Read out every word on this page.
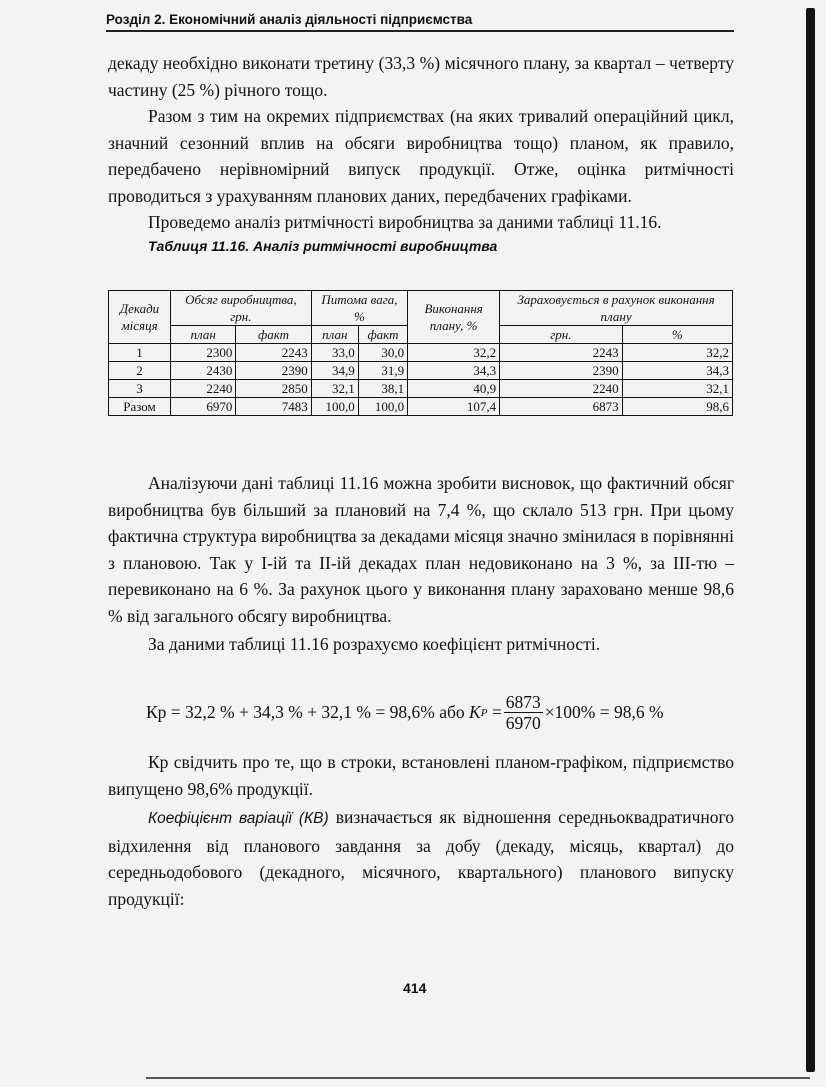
Розділ 2. Економічний аналіз діяльності підприємства

декаду необхідно виконати третину (33,3 %) місячного плану, за квартал – четверту частину (25 %) річного тощо.

Разом з тим на окремих підприємствах (на яких тривалий операційний цикл, значний сезонний вплив на обсяги виробництва тощо) планом, як правило, передбачено нерівномірний випуск продукції. Отже, оцінка ритмічності проводиться з урахуванням планових даних, передбачених графіками.

Проведемо аналіз ритмічності виробництва за даними таблиці 11.16.

Таблиця 11.16. Аналіз ритмічності виробництва
Декади місяця	Обсяг виробництва, грн.		Питома вага, %		Виконання плану, %	Зараховується в рахунок виконання плану	
	план	факт	план	факт		грн.	%
1	2300	2243	33,0	30,0	32,2	2243	32,2
2	2430	2390	34,9	31,9	34,3	2390	34,3
3	2240	2850	32,1	38,1	40,9	2240	32,1
Разом	6970	7483	100,0	100,0	107,4	6873	98,6

Аналізуючи дані таблиці 11.16 можна зробити висновок, що фактичний обсяг виробництва був більший за плановий на 7,4 %, що склало 513 грн. При цьому фактична структура виробництва за декадами місяця значно змінилася в порівнянні з плановою. Так у І-ій та ІІ-ій декадах план недовиконано на 3 %, за ІІІ-тю – перевиконано на 6 %. За рахунок цього у виконання плану зараховано менше 98,6 % від загального обсягу виробництва.

За даними таблиці 11.16 розрахуємо коефіцієнт ритмічності.

Кр = 32,2 % + 34,3 % + 32,1 % = 98,6% або
K P
= $\frac{6873}{6970} \times 100\% = 98,6$ %

Кр свідчить про те, що в строки, встановлені планом-графіком, підприємство випущено 98,6% продукції.

Коефіцієнт варіації (КВ) визначається як відношення середньоквадратичного відхилення від планового завдання за добу (декаду, місяць, квартал) до середньодобового (декадного, місячного, квартального) планового випуску продукції:

414
